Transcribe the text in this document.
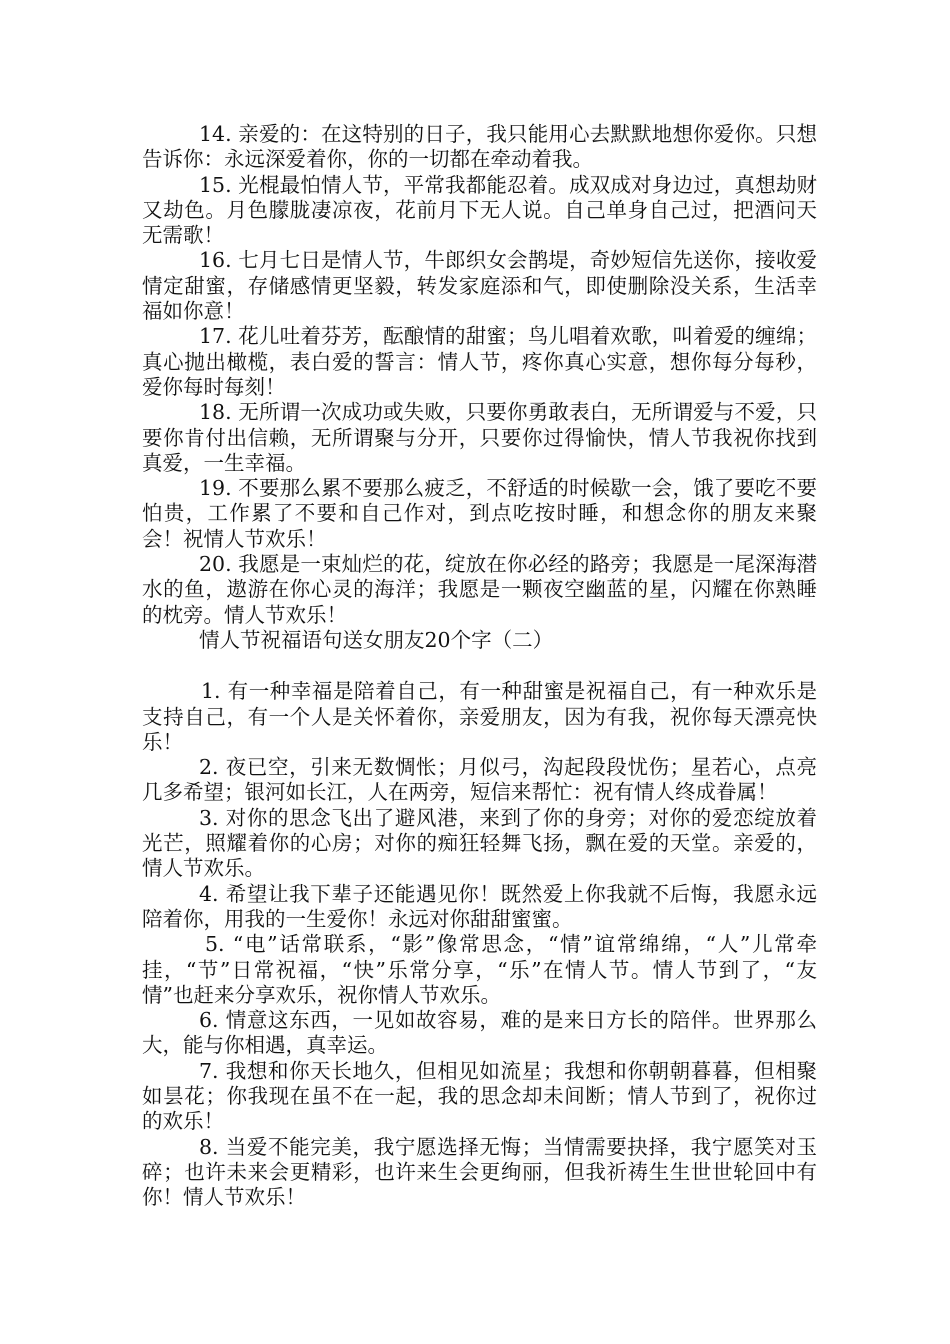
14. 亲爱的：在这特别的日子，我只能用心去默默地想你爱你。只想告诉你：永远深爱着你，你的一切都在牵动着我。

15. 光棍最怕情人节，平常我都能忍着。成双成对身边过，真想劫财又劫色。月色朦胧凄凉夜，花前月下无人说。自己单身自己过，把酒问天无需歌！

16. 七月七日是情人节，牛郎织女会鹊堤，奇妙短信先送你，接收爱情定甜蜜，存储感情更坚毅，转发家庭添和气，即使删除没关系，生活幸福如你意！

17. 花儿吐着芬芳，酝酿情的甜蜜；鸟儿唱着欢歌，叫着爱的缠绵；真心抛出橄榄，表白爱的誓言：情人节，疼你真心实意，想你每分每秒，爱你每时每刻！

18. 无所谓一次成功或失败，只要你勇敢表白，无所谓爱与不爱，只要你肯付出信赖，无所谓聚与分开，只要你过得愉快，情人节我祝你找到真爱，一生幸福。

19. 不要那么累不要那么疲乏，不舒适的时候歇一会，饿了要吃不要怕贵，工作累了不要和自己作对，到点吃按时睡，和想念你的朋友来聚会！祝情人节欢乐！

20. 我愿是一束灿烂的花，绽放在你必经的路旁；我愿是一尾深海潜水的鱼，遨游在你心灵的海洋；我愿是一颗夜空幽蓝的星，闪耀在你熟睡的枕旁。情人节欢乐！

情人节祝福语句送女朋友20个字（二）

1. 有一种幸福是陪着自己，有一种甜蜜是祝福自己，有一种欢乐是支持自己，有一个人是关怀着你，亲爱朋友，因为有我，祝你每天漂亮快乐！

2. 夜已空，引来无数惆怅；月似弓，沟起段段忧伤；星若心，点亮几多希望；银河如长江，人在两旁，短信来帮忙：祝有情人终成眷属！

3. 对你的思念飞出了避风港，来到了你的身旁；对你的爱恋绽放着光芒，照耀着你的心房；对你的痴狂轻舞飞扬，飘在爱的天堂。亲爱的，情人节欢乐。

4. 希望让我下辈子还能遇见你！既然爱上你我就不后悔，我愿永远陪着你，用我的一生爱你！永远对你甜甜蜜蜜。

5. “电”话常联系，“影”像常思念，“情”谊常绵绵，“人”儿常牵挂，“节”日常祝福，“快”乐常分享，“乐”在情人节。情人节到了，“友情”也赶来分享欢乐，祝你情人节欢乐。

6. 情意这东西，一见如故容易，难的是来日方长的陪伴。世界那么大，能与你相遇，真幸运。

7. 我想和你天长地久，但相见如流星；我想和你朝朝暮暮，但相聚如昙花；你我现在虽不在一起，我的思念却未间断；情人节到了，祝你过的欢乐！

8. 当爱不能完美，我宁愿选择无悔；当情需要抉择，我宁愿笑对玉碎；也许未来会更精彩，也许来生会更绚丽，但我祈祷生生世世轮回中有你！情人节欢乐！
